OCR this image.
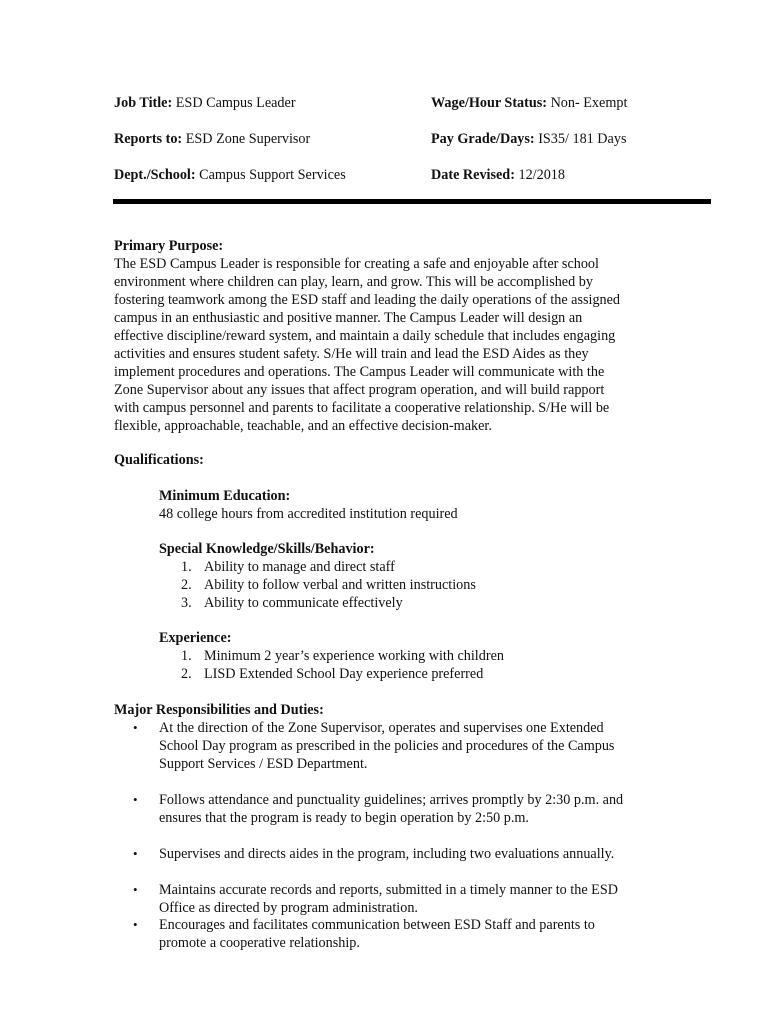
Job Title: ESD Campus Leader	Wage/Hour Status: Non- Exempt
Reports to: ESD Zone Supervisor	Pay Grade/Days: IS35/ 181 Days
Dept./School: Campus Support Services	Date Revised: 12/2018
Primary Purpose:
The ESD Campus Leader is responsible for creating a safe and enjoyable after school
environment where children can play, learn, and grow. This will be accomplished by
fostering teamwork among the ESD staff and leading the daily operations of the assigned
campus in an enthusiastic and positive manner. The Campus Leader will design an
effective discipline/reward system, and maintain a daily schedule that includes engaging
activities and ensures student safety. S/He will train and lead the ESD Aides as they
implement procedures and operations. The Campus Leader will communicate with the
Zone Supervisor about any issues that affect program operation, and will build rapport
with campus personnel and parents to facilitate a cooperative relationship. S/He will be
flexible, approachable, teachable, and an effective decision-maker.
Qualifications:
Minimum Education:
48 college hours from accredited institution required
Special Knowledge/Skills/Behavior:
1. Ability to manage and direct staff
2. Ability to follow verbal and written instructions
3. Ability to communicate effectively
Experience:
1. Minimum 2 year’s experience working with children
2. LISD Extended School Day experience preferred
Major Responsibilities and Duties:
• At the direction of the Zone Supervisor, operates and supervises one Extended
School Day program as prescribed in the policies and procedures of the Campus
Support Services / ESD Department.
• Follows attendance and punctuality guidelines; arrives promptly by 2:30 p.m. and
ensures that the program is ready to begin operation by 2:50 p.m.
• Supervises and directs aides in the program, including two evaluations annually.
• Maintains accurate records and reports, submitted in a timely manner to the ESD
Office as directed by program administration.
• Encourages and facilitates communication between ESD Staff and parents to
promote a cooperative relationship.
